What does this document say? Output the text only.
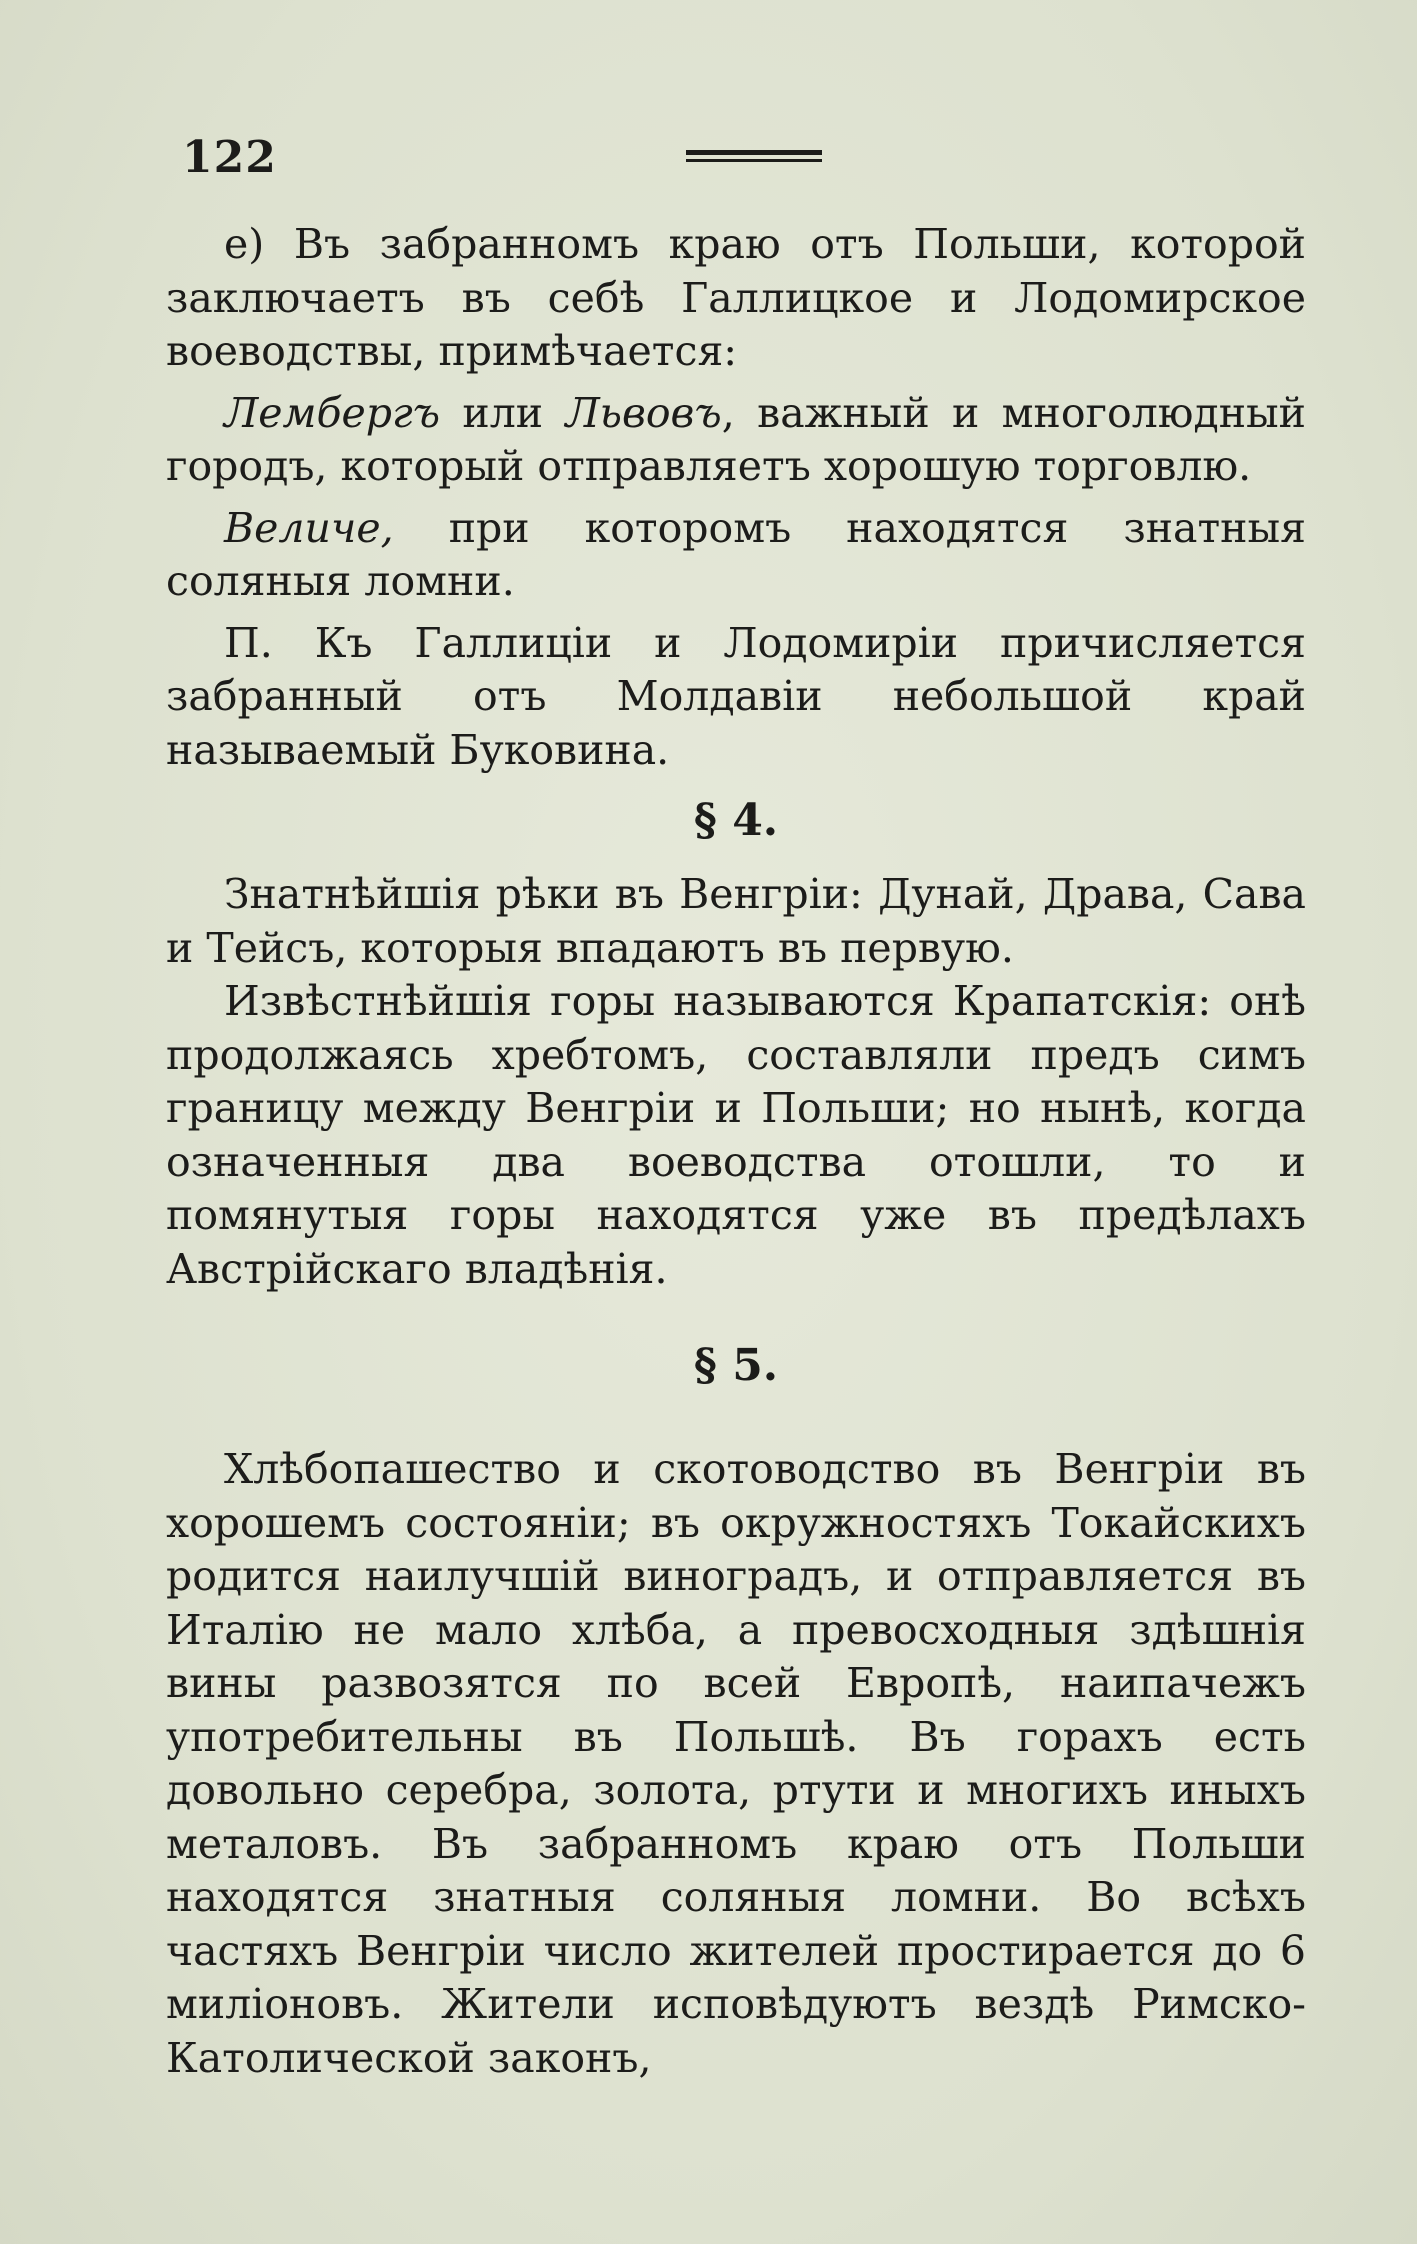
122

е) Въ забранномъ краю отъ Польши, которой заключаетъ въ себѣ Галлицкое и Лодомирское воеводствы, примѣчается:

Лембергъ или Львовъ, важный и многолюдный городъ, который отправляетъ хорошую торговлю.

Величе, при которомъ находятся знатныя соляныя ломни.

П. Къ Галлиціи и Лодомиріи причисляется забранный отъ Молдавіи небольшой край называемый Буковина.

§ 4.

Знатнѣйшія рѣки въ Венгріи: Дунай, Драва, Сава и Тейсъ, которыя впадаютъ въ первую.

Извѣстнѣйшія горы называются Крапатскія: онѣ продолжаясь хребтомъ, составляли предъ симъ границу между Венгріи и Польши; но нынѣ, когда означенныя два воеводства отошли, то и помянутыя горы находятся уже въ предѣлахъ Австрійскаго владѣнія.

§ 5.

Хлѣбопашество и скотоводство въ Венгріи въ хорошемъ состояніи; въ окружностяхъ Токайскихъ родится наилучшій виноградъ, и отправляется въ Италію не мало хлѣба, а превосходныя здѣшнія вины развозятся по всей Европѣ, наипачежъ употребительны въ Польшѣ. Въ горахъ есть довольно серебра, золота, ртути и многихъ иныхъ металовъ. Въ забранномъ краю отъ Польши находятся знатныя соляныя ломни. Во всѣхъ частяхъ Венгріи число жителей простирается до 6 милioновъ. Жители исповѣдуютъ вездѣ Римско-Католической законъ,
